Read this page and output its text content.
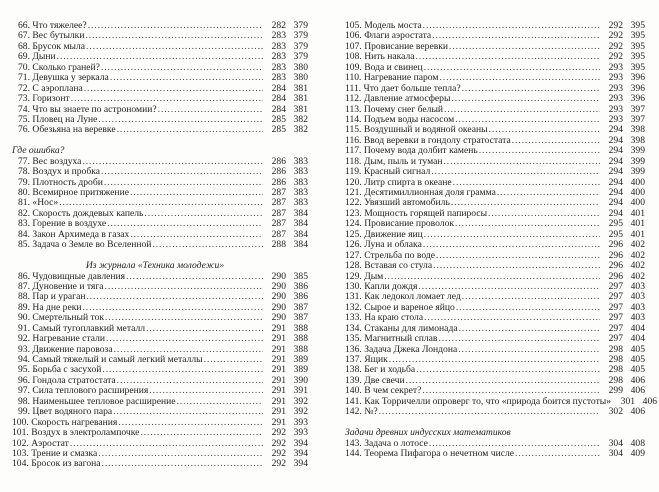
66. Что тяжелее? .....	282 379
67. Вес бутылки .....	283 379
68. Брусок мыла .....	283 379
69. Дыни .....	283 379
70. Сколько граней? .....	283 380
71. Девушка у зеркала .....	283 380
72. С аэроплана .....	284 381
73. Горизонт .....	284 381
74. Что вы знаете по астрономии? .....	284 381
75. Пловец на Луне .....	285 382
76. Обезьяна на веревке .....	285 382
Где ошибка?
77. Вес воздуха .....	286 383
78. Воздух и пробка .....	286 383
79. Плотность дроби .....	286 383
80. Всемирное притяжение .....	287 383
81. «Нос» .....	287 383
82. Скорость дождевых капель .....	287 384
83. Горение в воздухе .....	287 384
84. Закон Архимеда в газах .....	287 384
85. Задача о Земле во Вселенной .....	288 384
Из журнала «Техника молодежи»
86. Чудовищные давления .....	290 385
87. Дуновение и тяга .....	290 386
88. Пар и ураган .....	290 386
89. На дне реки .....	290 387
90. Смертельный ток .....	290 387
91. Самый тугоплавкий металл .....	291 388
92. Нагревание стали .....	291 388
93. Движение паровоза .....	291 388
94. Самый тяжелый и самый легкий металлы .....	291 389
95. Борьба с засухой .....	291 389
96. Гондола стратостата .....	291 390
97. Сила теплового расширения .....	291 391
98. Наименьшее тепловое расширение .....	291 392
99. Цвет водяного пара .....	291 392
100. Скорость нагревания .....	291 393
101. Воздух в электролампочке .....	292 393
102. Аэростат .....	292 394
103. Трение и смазка .....	292 394
104. Бросок из вагона .....	292 394
105. Модель моста .....	292 395
106. Флаги аэростата .....	292 395
107. Провисание веревки .....	292 395
108. Нить накала .....	292 395
109. Вода и свинец .....	293 395
110. Нагревание паром .....	293 396
111. Что дает больше тепла? .....	293 396
112. Давление атмосферы .....	293 396
113. Почему снег белый .....	293 397
114. Подъем воды насосом .....	293 397
115. Воздушный и водяной океаны .....	294 398
116. Ввод веревки в гондолу стратостата .....	294 398
117. Почему вода долбит камень .....	294 399
118. Дым, пыль и туман .....	294 399
119. Красный сигнал .....	294 399
120. Литр спирта в океане .....	294 400
121. Десятимиллионная доля грамма .....	294 400
122. Увязший автомобиль .....	294 400
123. Мощность горящей папиросы .....	294 401
124. Провисание проволок .....	295 401
125. Движение яиц .....	295 401
126. Луна и облака .....	296 402
127. Стрельба по воде .....	296 402
128. Вставая со стула .....	296 402
129. Дым .....	296 402
130. Капли дождя .....	297 403
131. Как ледокол ломает лед .....	297 403
132. Сырое и вареное яйцо .....	297 403
133. На краю стола .....	297 403
134. Стаканы для лимонада .....	297 404
135. Магнитный сплав .....	297 404
136. Задача Джека Лондона .....	298 405
137. Ящик .....	298 405
138. Бег и ходьба .....	298 405
139. Две свечи .....	298 406
140. В чем секрет? .....	299 406
141. Как Торричелли опроверг то, что «природа боится пустоты»	301 406
142. №? .....	302 406
Задачи древних индусских математиков
143. Задача о лотосе .....	304 408
144. Теорема Пифагора о нечетном числе .....	304 409
